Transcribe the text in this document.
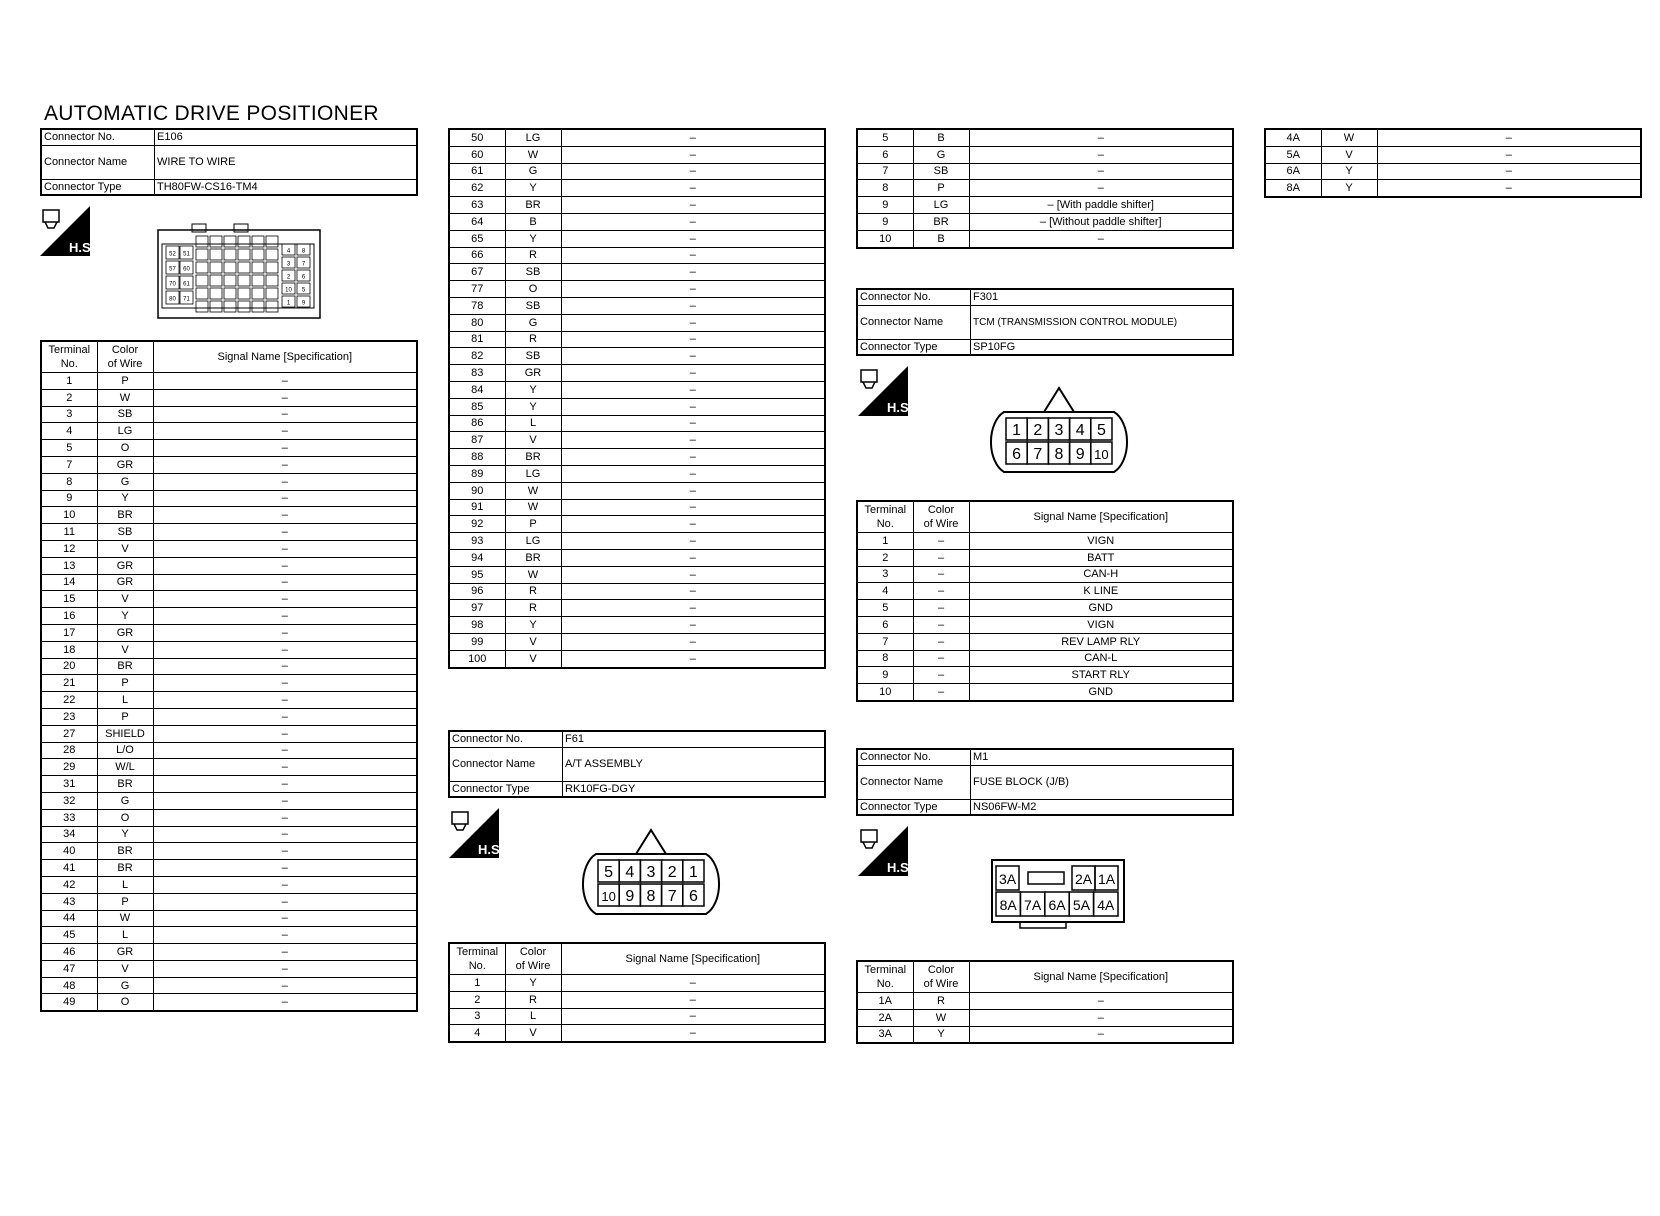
AUTOMATIC DRIVE POSITIONER
Connector No.	E106
Connector Name	WIRE TO WIRE
Connector Type	TH80FW-CS16-TM4
H.S.	52 51
57 60
70 61
80 71
4 8
3 7
2 6
10 5
1 9
Terminal
No.	Color
of Wire	Signal Name [Specification]
1	P	–
2	W	–
3	SB	–
4	LG	–
5	O	–
7	GR	–
8	G	–
9	Y	–
10	BR	–
11	SB	–
12	V	–
13	GR	–
14	GR	–
15	V	–
16	Y	–
17	GR	–
18	V	–
20	BR	–
21	P	–
22	L	–
23	P	–
27	SHIELD	–
28	L/O	–
29	W/L	–
31	BR	–
32	G	–
33	O	–
34	Y	–
40	BR	–
41	BR	–
42	L	–
43	P	–
44	W	–
45	L	–
46	GR	–
47	V	–
48	G	–
49	O	–
50	LG	–
60	W	–
61	G	–
62	Y	–
63	BR	–
64	B	–
65	Y	–
66	R	–
67	SB	–
77	O	–
78	SB	–
80	G	–
81	R	–
82	SB	–
83	GR	–
84	Y	–
85	Y	–
86	L	–
87	V	–
88	BR	–
89	LG	–
90	W	–
91	W	–
92	P	–
93	LG	–
94	BR	–
95	W	–
96	R	–
97	R	–
98	Y	–
99	V	–
100	V	–
Connector No.	F61
Connector Name	A/T ASSEMBLY
Connector Type	RK10FG-DGY
H.S.
5 4 3 2 1
10 9 8 7 6
Terminal
No.	Color
of Wire	Signal Name [Specification]
1	Y	–
2	R	–
3	L	–
4	V	–
5	B	–
6	G	–
7	SB	–
8	P	–
9	LG	– [With paddle shifter]
9	BR	– [Without paddle shifter]
10	B	–
Connector No.	F301
Connector Name	TCM (TRANSMISSION CONTROL MODULE)
Connector Type	SP10FG
H.S.
1 2 3 4 5
6 7 8 9 10
Terminal
No.	Color
of Wire	Signal Name [Specification]
1	–	VIGN
2	–	BATT
3	–	CAN-H
4	–	K LINE
5	–	GND
6	–	VIGN
7	–	REV LAMP RLY
8	–	CAN-L
9	–	START RLY
10	–	GND
Connector No.	M1
Connector Name	FUSE BLOCK (J/B)
Connector Type	NS06FW-M2
H.S.
3A	2A 1A
8A 7A 6A 5A 4A
Terminal
No.	Color
of Wire	Signal Name [Specification]
1A	R	–
2A	W	–
3A	Y	–
4A	W	–
5A	V	–
6A	Y	–
8A	Y	–
